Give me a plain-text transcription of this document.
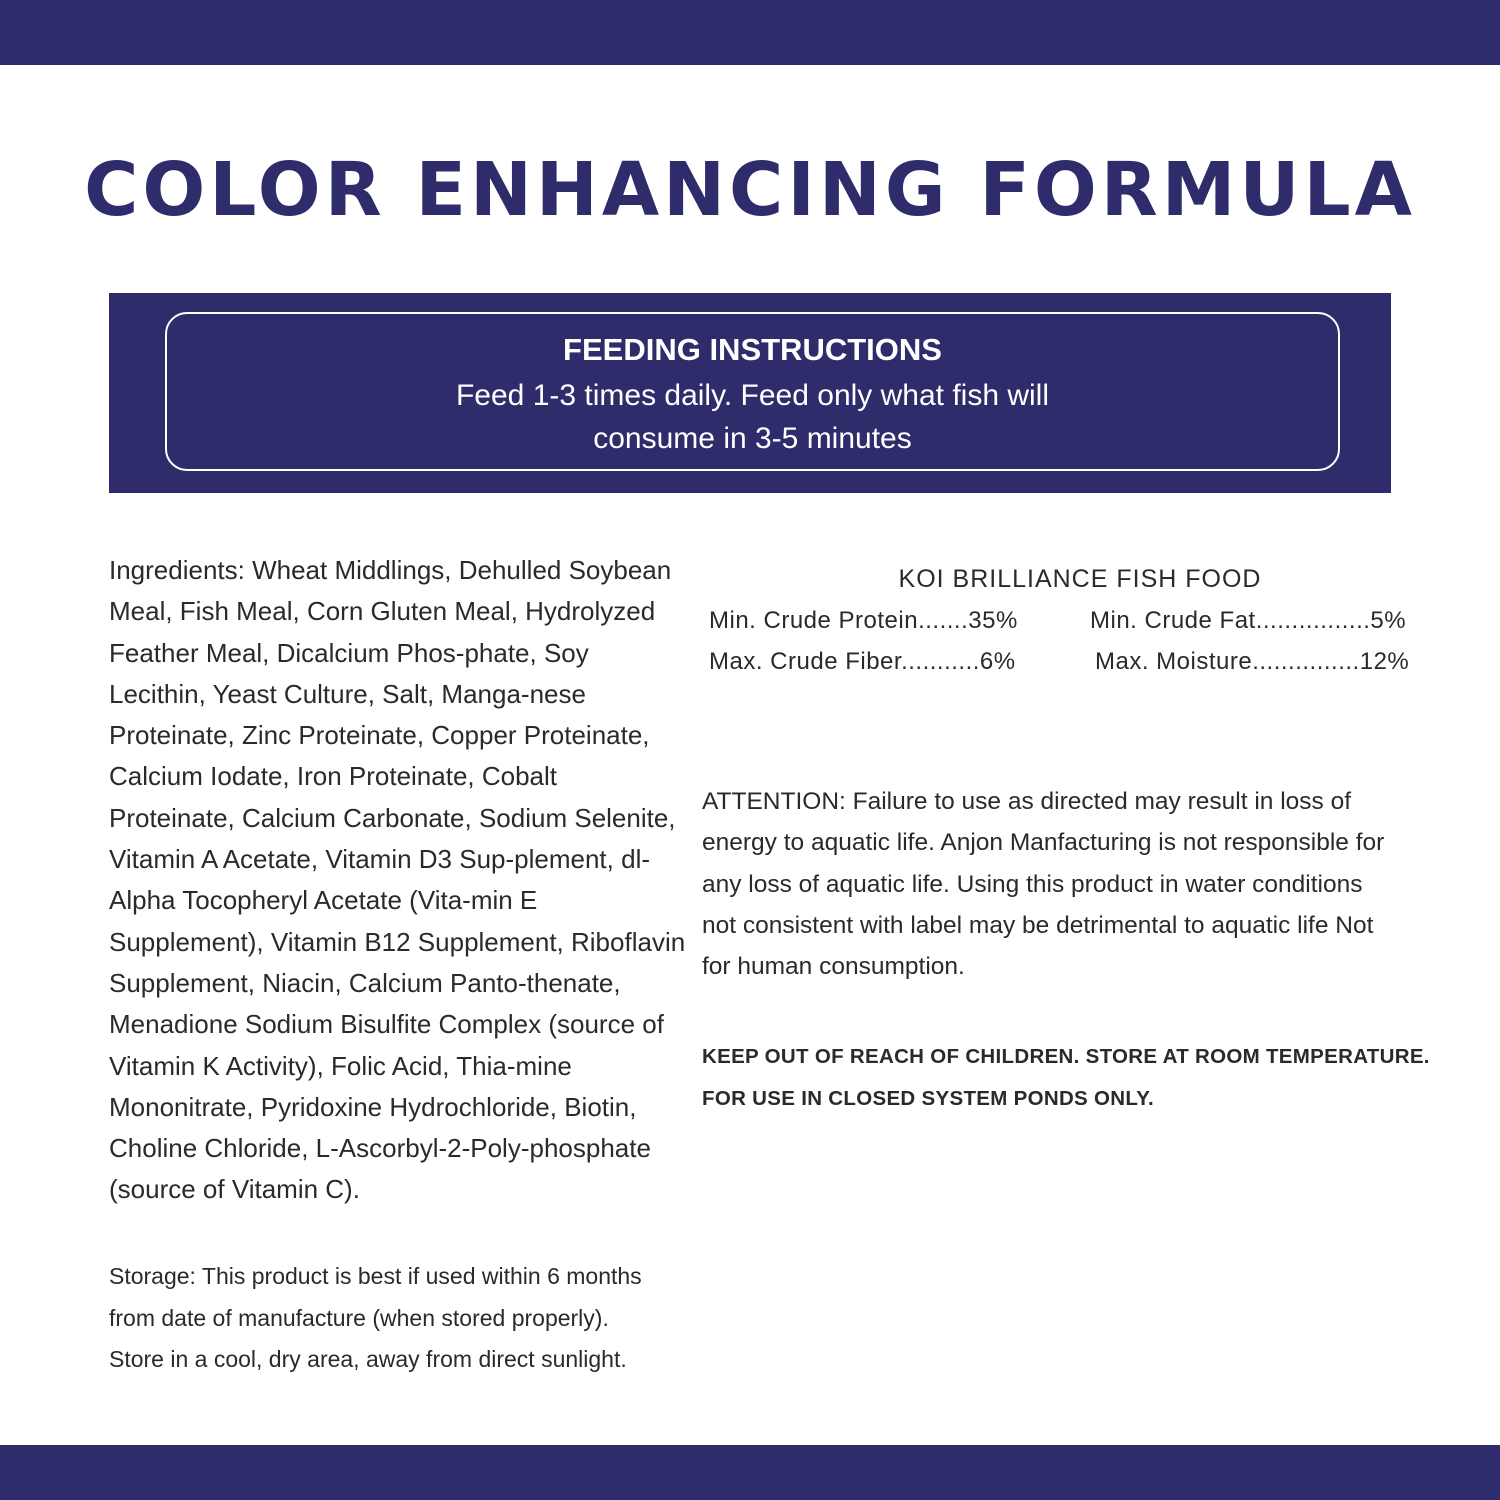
COLOR ENHANCING FORMULA
FEEDING INSTRUCTIONS
Feed 1-3 times daily. Feed only what fish will consume in 3-5 minutes
Ingredients: Wheat Middlings, Dehulled Soybean Meal, Fish Meal, Corn Gluten Meal, Hydrolyzed Feather Meal, Dicalcium Phos-phate, Soy Lecithin, Yeast Culture, Salt, Manga-nese Proteinate, Zinc Proteinate, Copper Proteinate, Calcium Iodate, Iron Proteinate, Cobalt Proteinate, Calcium Carbonate, Sodium Selenite, Vitamin A Acetate, Vitamin D3 Sup-plement, dl-Alpha Tocopheryl Acetate (Vita-min E Supplement), Vitamin B12 Supplement, Riboflavin Supplement, Niacin, Calcium Panto-thenate, Menadione Sodium Bisulfite Complex (source of Vitamin K Activity), Folic Acid, Thia-mine Mononitrate, Pyridoxine Hydrochloride, Biotin, Choline Chloride, L-Ascorbyl-2-Poly-phosphate (source of Vitamin C).
Storage: This product is best if used within 6 months from date of manufacture (when stored properly). Store in a cool, dry area, away from direct sunlight.
KOI BRILLIANCE FISH FOOD
Min. Crude Protein.......35%	Min. Crude Fat................5%
Max. Crude Fiber...........6%	Max. Moisture...............12%
ATTENTION: Failure to use as directed may result in loss of energy to aquatic life. Anjon Manfacturing is not responsible for any loss of aquatic life. Using this product in water conditions not consistent with label may be detrimental to aquatic life Not for human consumption.
KEEP OUT OF REACH OF CHILDREN. STORE AT ROOM TEMPERATURE. FOR USE IN CLOSED SYSTEM PONDS ONLY.
